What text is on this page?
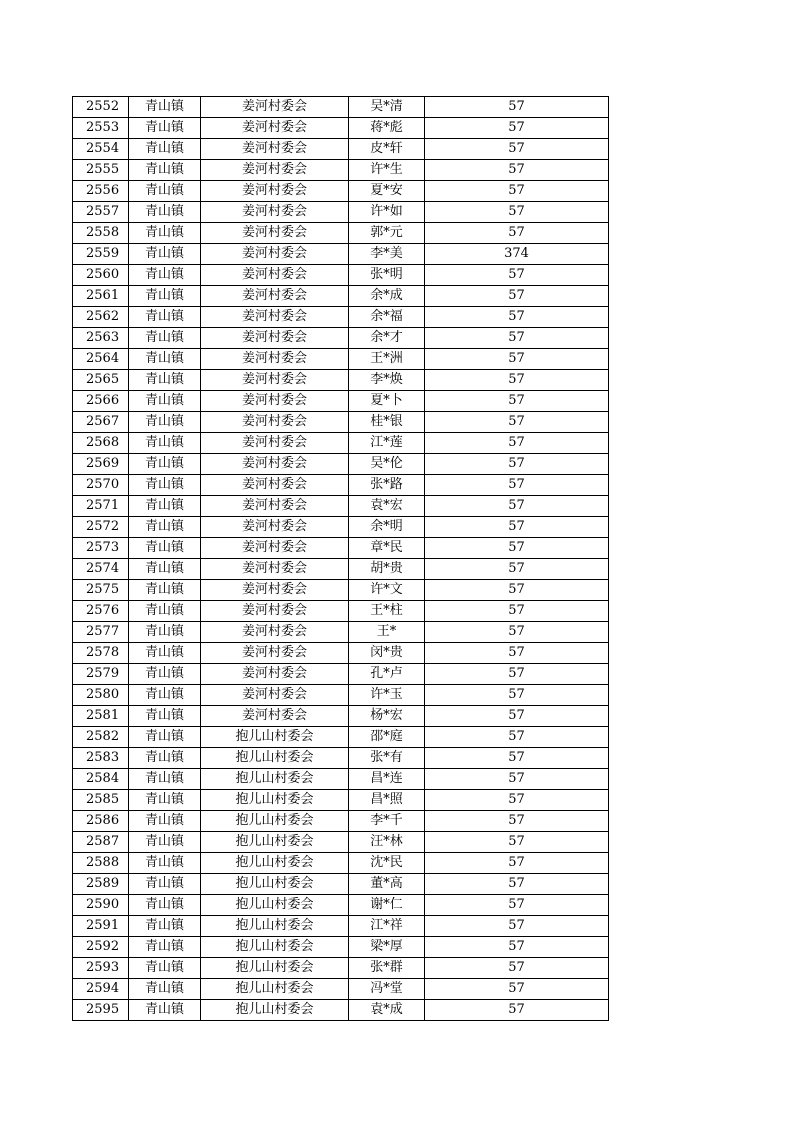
2552	青山镇	姜河村委会	吴*清	57
2553	青山镇	姜河村委会	蒋*彪	57
2554	青山镇	姜河村委会	皮*轩	57
2555	青山镇	姜河村委会	许*生	57
2556	青山镇	姜河村委会	夏*安	57
2557	青山镇	姜河村委会	许*如	57
2558	青山镇	姜河村委会	郭*元	57
2559	青山镇	姜河村委会	李*美	374
2560	青山镇	姜河村委会	张*明	57
2561	青山镇	姜河村委会	余*成	57
2562	青山镇	姜河村委会	余*福	57
2563	青山镇	姜河村委会	余*才	57
2564	青山镇	姜河村委会	王*洲	57
2565	青山镇	姜河村委会	李*焕	57
2566	青山镇	姜河村委会	夏*卜	57
2567	青山镇	姜河村委会	桂*银	57
2568	青山镇	姜河村委会	江*莲	57
2569	青山镇	姜河村委会	吴*伦	57
2570	青山镇	姜河村委会	张*路	57
2571	青山镇	姜河村委会	袁*宏	57
2572	青山镇	姜河村委会	余*明	57
2573	青山镇	姜河村委会	章*民	57
2574	青山镇	姜河村委会	胡*贵	57
2575	青山镇	姜河村委会	许*文	57
2576	青山镇	姜河村委会	王*柱	57
2577	青山镇	姜河村委会	王*	57
2578	青山镇	姜河村委会	闵*贵	57
2579	青山镇	姜河村委会	孔*卢	57
2580	青山镇	姜河村委会	许*玉	57
2581	青山镇	姜河村委会	杨*宏	57
2582	青山镇	抱儿山村委会	邵*庭	57
2583	青山镇	抱儿山村委会	张*有	57
2584	青山镇	抱儿山村委会	昌*连	57
2585	青山镇	抱儿山村委会	昌*照	57
2586	青山镇	抱儿山村委会	李*千	57
2587	青山镇	抱儿山村委会	汪*林	57
2588	青山镇	抱儿山村委会	沈*民	57
2589	青山镇	抱儿山村委会	董*高	57
2590	青山镇	抱儿山村委会	谢*仁	57
2591	青山镇	抱儿山村委会	江*祥	57
2592	青山镇	抱儿山村委会	梁*厚	57
2593	青山镇	抱儿山村委会	张*群	57
2594	青山镇	抱儿山村委会	冯*堂	57
2595	青山镇	抱儿山村委会	袁*成	57
